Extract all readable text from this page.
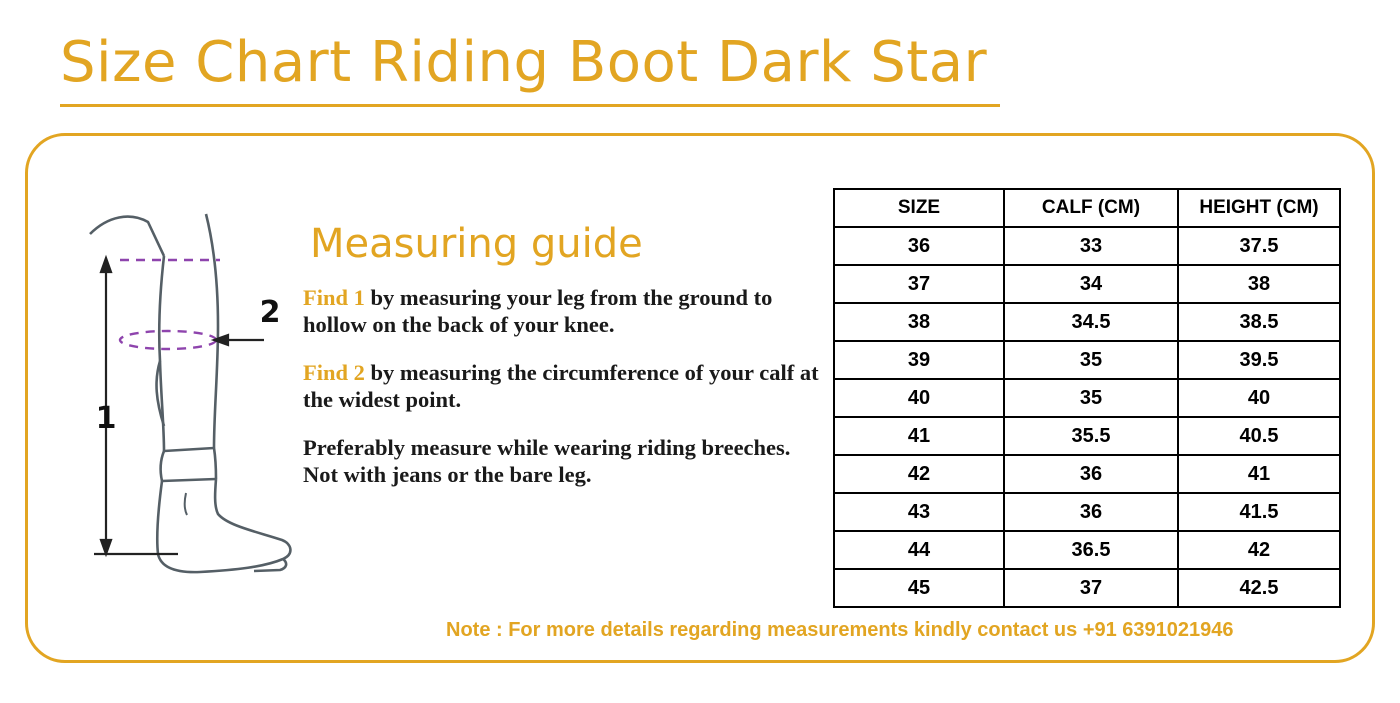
Size Chart Riding Boot Dark Star
1
2
Measuring guide

Find 1 by measuring your leg from the ground to hollow on the back of your knee.

Find 2 by measuring the circumference of your calf at the widest point.

Preferably measure while wearing riding breeches. Not with jeans or the bare leg.

SIZE	CALF (CM)	HEIGHT (CM)
36	33	37.5
37	34	38
38	34.5	38.5
39	35	39.5
40	35	40
41	35.5	40.5
42	36	41
43	36	41.5
44	36.5	42
45	37	42.5
Note : For more details regarding measurements kindly contact us +91 6391021946
